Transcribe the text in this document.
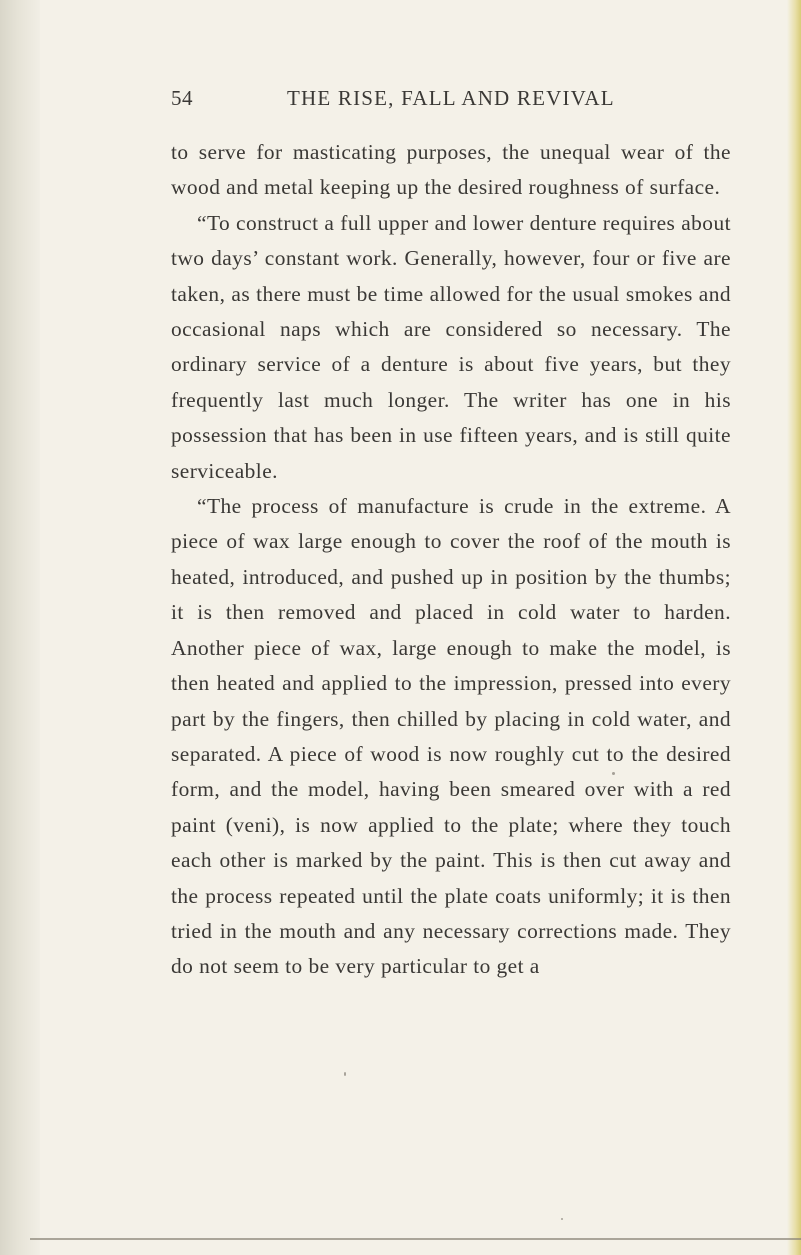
54	THE RISE, FALL AND REVIVAL

to serve for masticating purposes, the unequal wear of the wood and metal keeping up the desired roughness of surface.

“To construct a full upper and lower denture requires about two days’ constant work. Generally, however, four or five are taken, as there must be time allowed for the usual smokes and occasional naps which are considered so necessary. The ordinary service of a denture is about five years, but they frequently last much longer. The writer has one in his possession that has been in use fifteen years, and is still quite serviceable.

“The process of manufacture is crude in the extreme. A piece of wax large enough to cover the roof of the mouth is heated, introduced, and pushed up in position by the thumbs; it is then removed and placed in cold water to harden. Another piece of wax, large enough to make the model, is then heated and applied to the impression, pressed into every part by the fingers, then chilled by placing in cold water, and separated. A piece of wood is now roughly cut to the desired form, and the model, having been smeared over with a red paint (veni), is now applied to the plate; where they touch each other is marked by the paint. This is then cut away and the process repeated until the plate coats uniformly; it is then tried in the mouth and any necessary corrections made. They do not seem to be very particular to get a
